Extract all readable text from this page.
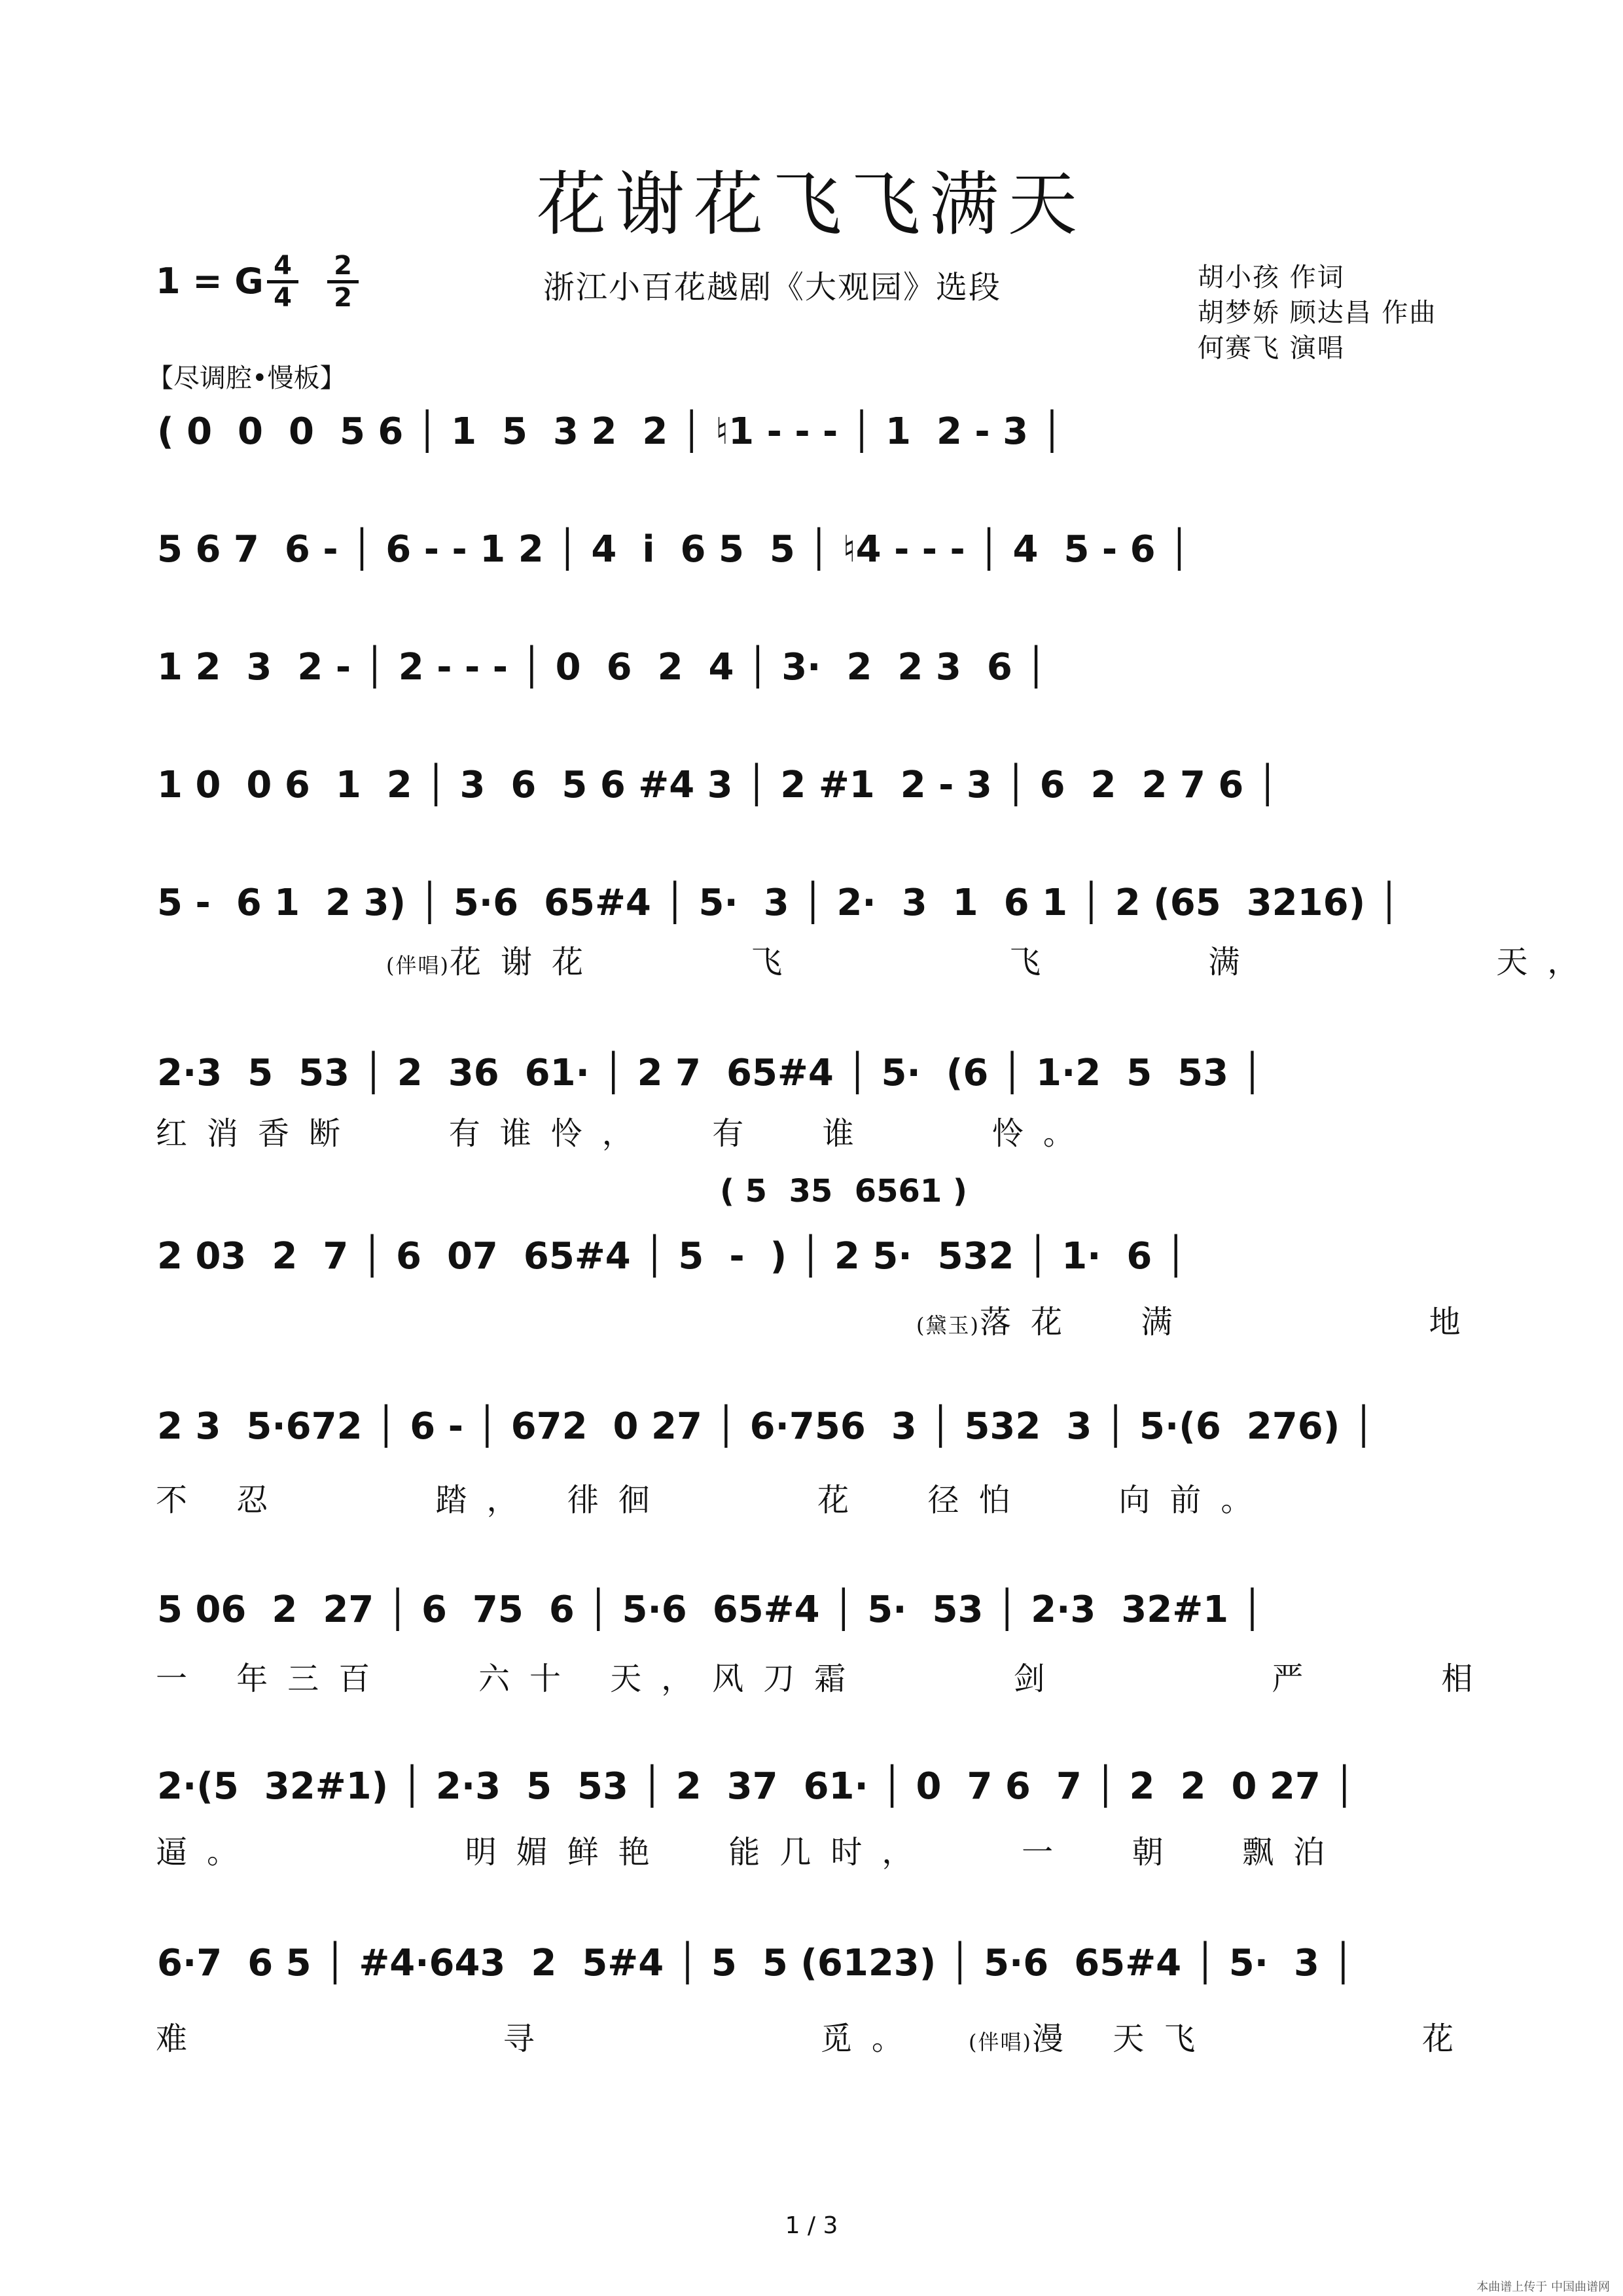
花谢花飞飞满天
1 = G 4
4
2
2	浙江小百花越剧《大观园》选段	胡小孩 作词
胡梦娇 顾达昌 作曲
何赛飞 演唱
【尽调腔•慢板】
( 0  0  0  5 6 │ 1  5  3 2  2 │ ♮1 - - - │ 1  2 - 3 │
5 6 7  6 - │ 6 - - 1 2 │ 4  i  6 5  5 │ ♮4 - - - │ 4  5 - 6 │
1 2  3  2 - │ 2 - - - │ 0  6  2  4 │ 3·  2  2 3  6 │
1 0  0 6  1  2 │ 3  6  5 6 #4 3 │ 2 #1  2 - 3 │ 6  2  2 7 6 │
5 -  6 1  2 3) │ 5·6  65#4 │ 5·  3 │ 2·  3  1  6 1 │ 2 (65  3216) │
(伴唱)花谢花     飞       飞     满        天，
2·3  5  53 │ 2  36  61· │ 2 7  65#4 │ 5·  (6 │ 1·2  5  53 │
红消香断   有谁怜，  有  谁    怜。
( 5  35  6561 )
2 03  2  7 │ 6  07  65#4 │ 5  -  ) │ 2 5·  532 │ 1·  6 │
(黛玉)落花  满        地
2 3  5·672 │ 6 - │ 672  0 27 │ 6·756  3 │ 532  3 │ 5·(6  276) │
不 忍     踏， 徘徊     花  径怕   向前。
5 06  2  27 │ 6  75  6 │ 5·6  65#4 │ 5·  53 │ 2·3  32#1 │
一 年三百   六十 天，风刀霜     剑       严    相
2·(5  32#1) │ 2·3  5  53 │ 2  37  61· │ 0  7 6  7 │ 2  2  0 27 │
逼。       明媚鲜艳  能几时，   一  朝  飘泊
6·7  6 5 │ #4·643  2  5#4 │ 5  5 (6123) │ 5·6  65#4 │ 5·  3 │
难          寻         觅。	(伴唱)漫 天飞       花
1 / 3
本曲谱上传于 中国曲谱网
